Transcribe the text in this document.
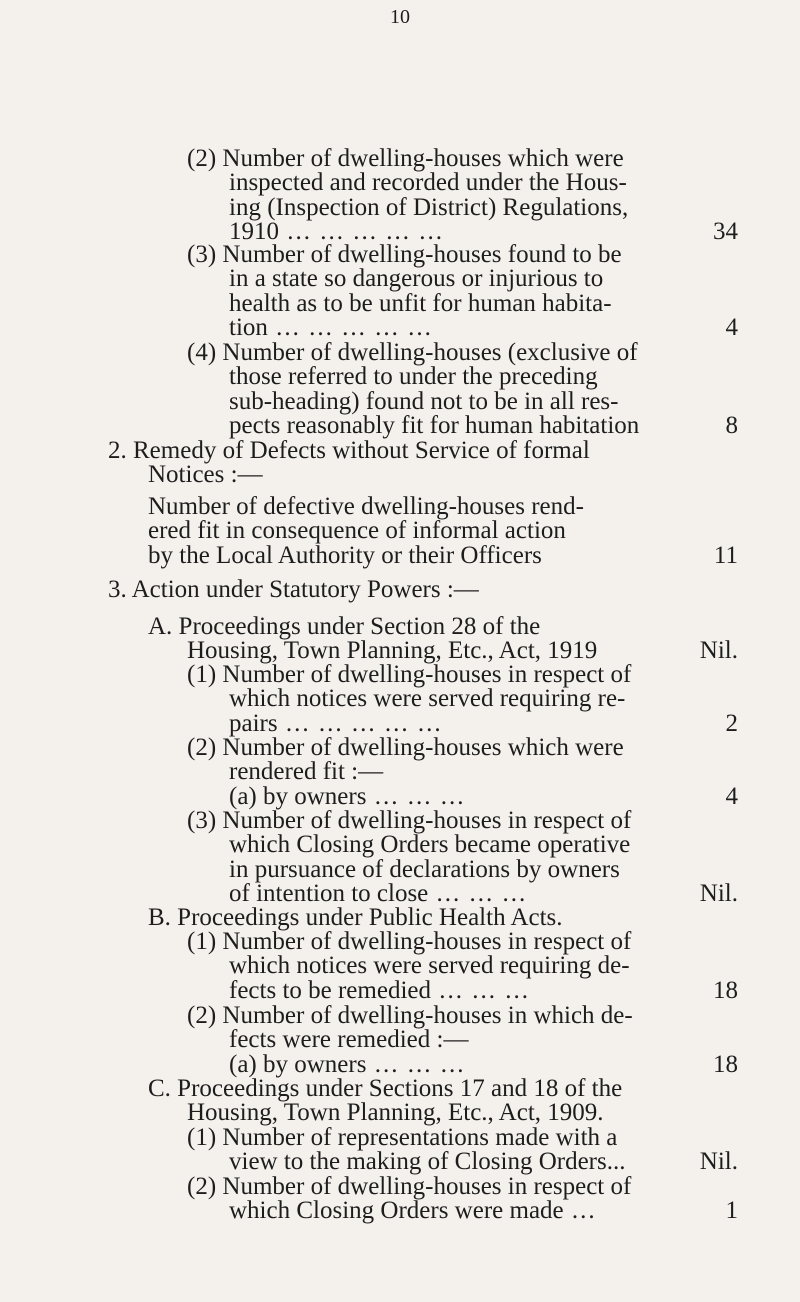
10
(2) Number of dwelling-houses which were
inspected and recorded under the Hous-
ing (Inspection of District) Regulations,
1910 ... ... ... ... ...	34
(3) Number of dwelling-houses found to be
in a state so dangerous or injurious to
health as to be unfit for human habita-
tion ... ... ... ... ...	4
(4) Number of dwelling-houses (exclusive of
those referred to under the preceding
sub-heading) found not to be in all res-
pects reasonably fit for human habitation	8
2. Remedy of Defects without Service of formal
Notices :—
Number of defective dwelling-houses rend-
ered fit in consequence of informal action
by the Local Authority or their Officers	11
3. Action under Statutory Powers :—
A. Proceedings under Section 28 of the
Housing, Town Planning, Etc., Act, 1919	Nil.
(1) Number of dwelling-houses in respect of
which notices were served requiring re-
pairs ... ... ... ... ...	2
(2) Number of dwelling-houses which were
rendered fit :—
(a) by owners ... ... ...	4
(3) Number of dwelling-houses in respect of
which Closing Orders became operative
in pursuance of declarations by owners
of intention to close ... ... ...	Nil.
B. Proceedings under Public Health Acts.
(1) Number of dwelling-houses in respect of
which notices were served requiring de-
fects to be remedied ... ... ...	18
(2) Number of dwelling-houses in which de-
fects were remedied :—
(a) by owners ... ... ...	18
C. Proceedings under Sections 17 and 18 of the
Housing, Town Planning, Etc., Act, 1909.
(1) Number of representations made with a
view to the making of Closing Orders...	Nil.
(2) Number of dwelling-houses in respect of
which Closing Orders were made ...	1
